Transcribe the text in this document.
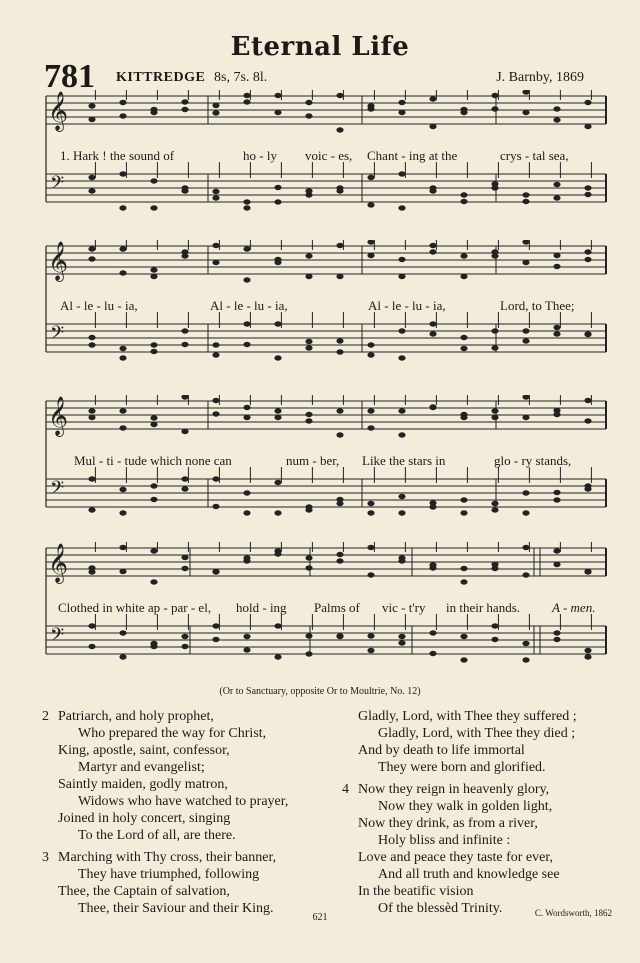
Eternal Life
781 KITTREDGE 8s, 7s. 8l.	J. Barnby, 1869
𝄞
𝄢
1. Hark ! the sound of	ho - ly voic - es, Chant - ing at the	crys - tal sea,
𝄞
𝄢
Al - le - lu - ia,	Al - le - lu - ia,	Al - le - lu - ia,	Lord, to Thee;
𝄞
𝄢
Mul - ti - tude which none can	num - ber, Like the stars in	glo - ry stands,
𝄞
𝄢
Clothed in white ap - par - el, hold - ing Palms of vic - t'ry in their hands. A - men.
(Or to Sanctuary, opposite Or to Moultrie, No. 12)
2 Patriarch, and holy prophet,
Who prepared the way for Christ,
King, apostle, saint, confessor,
Martyr and evangelist;
Saintly maiden, godly matron,
Widows who have watched to prayer,
Joined in holy concert, singing
To the Lord of all, are there.
3 Marching with Thy cross, their banner,
They have triumphed, following
Thee, the Captain of salvation,
Thee, their Saviour and their King.
Gladly, Lord, with Thee they suffered ;
Gladly, Lord, with Thee they died ;
And by death to life immortal
They were born and glorified.
4 Now they reign in heavenly glory,
Now they walk in golden light,
Now they drink, as from a river,
Holy bliss and infinite :
Love and peace they taste for ever,
And all truth and knowledge see
In the beatific vision
Of the blessèd Trinity.
621	C. Wordsworth, 1862
